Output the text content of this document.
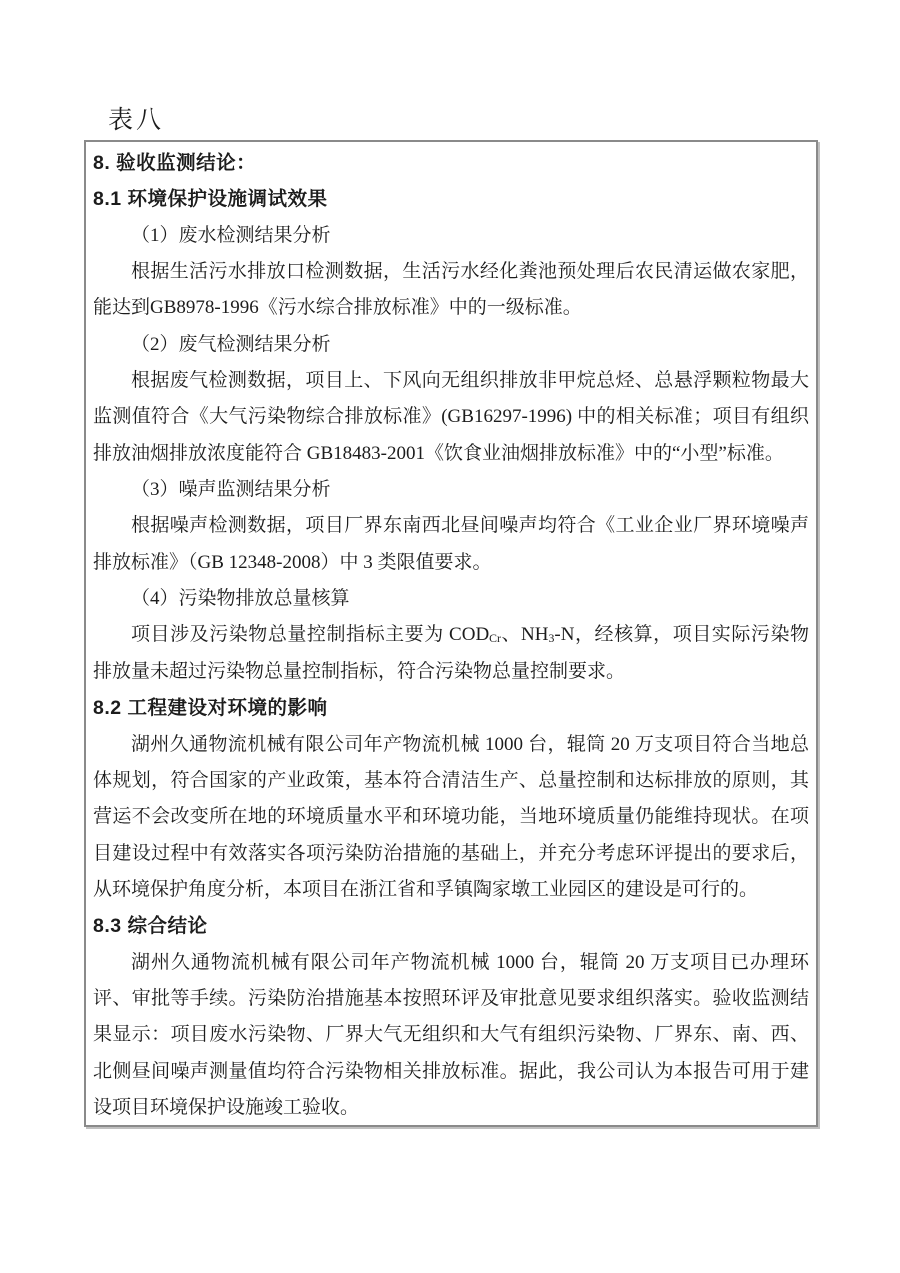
表八

8. 验收监测结论：

8.1 环境保护设施调试效果

（1）废水检测结果分析

根据生活污水排放口检测数据，生活污水经化粪池预处理后农民清运做农家肥，能达到GB8978-1996《污水综合排放标准》中的一级标准。

（2）废气检测结果分析

根据废气检测数据，项目上、下风向无组织排放非甲烷总烃、总悬浮颗粒物最大监测值符合《大气污染物综合排放标准》(GB16297-1996) 中的相关标准；项目有组织排放油烟排放浓度能符合 GB18483-2001《饮食业油烟排放标准》中的“小型”标准。

（3）噪声监测结果分析

根据噪声检测数据，项目厂界东南西北昼间噪声均符合《工业企业厂界环境噪声排放标准》（GB 12348-2008）中 3 类限值要求。

（4）污染物排放总量核算

项目涉及污染物总量控制指标主要为 $COD_{Cr}$、$NH_3-N$，经核算，项目实际污染物排放量未超过污染物总量控制指标，符合污染物总量控制要求。

8.2 工程建设对环境的影响

湖州久通物流机械有限公司年产物流机械 1000 台，辊筒 20 万支项目符合当地总体规划，符合国家的产业政策，基本符合清洁生产、总量控制和达标排放的原则，其营运不会改变所在地的环境质量水平和环境功能，当地环境质量仍能维持现状。在项目建设过程中有效落实各项污染防治措施的基础上，并充分考虑环评提出的要求后，从环境保护角度分析，本项目在浙江省和孚镇陶家墩工业园区的建设是可行的。

8.3 综合结论

湖州久通物流机械有限公司年产物流机械 1000 台，辊筒 20 万支项目已办理环评、审批等手续。污染防治措施基本按照环评及审批意见要求组织落实。验收监测结果显示：项目废水污染物、厂界大气无组织和大气有组织污染物、厂界东、南、西、北侧昼间噪声测量值均符合污染物相关排放标准。据此，我公司认为本报告可用于建设项目环境保护设施竣工验收。
